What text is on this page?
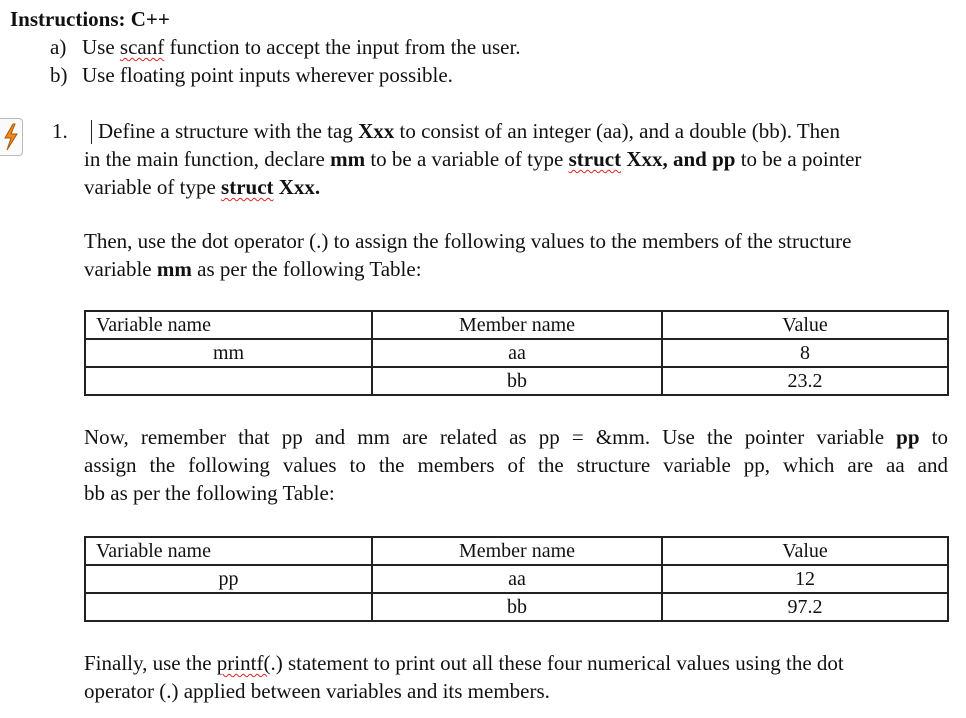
Instructions: C++
a) Use scanf function to accept the input from the user.
b) Use floating point inputs wherever possible.
1. Define a structure with the tag Xxx to consist of an integer (aa), and a double (bb). Then
in the main function, declare mm to be a variable of type struct Xxx, and pp to be a pointer
variable of type struct Xxx.
Then, use the dot operator (.) to assign the following values to the members of the structure
variable mm as per the following Table:
Variable name	Member name	Value
mm	aa	8
	bb	23.2
Now, remember that pp and mm are related as pp = &mm. Use the pointer variable pp to
assign the following values to the members of the structure variable pp, which are aa and
bb as per the following Table:
Variable name	Member name	Value
pp	aa	12
	bb	97.2
Finally, use the printf(.) statement to print out all these four numerical values using the dot
operator (.) applied between variables and its members.
